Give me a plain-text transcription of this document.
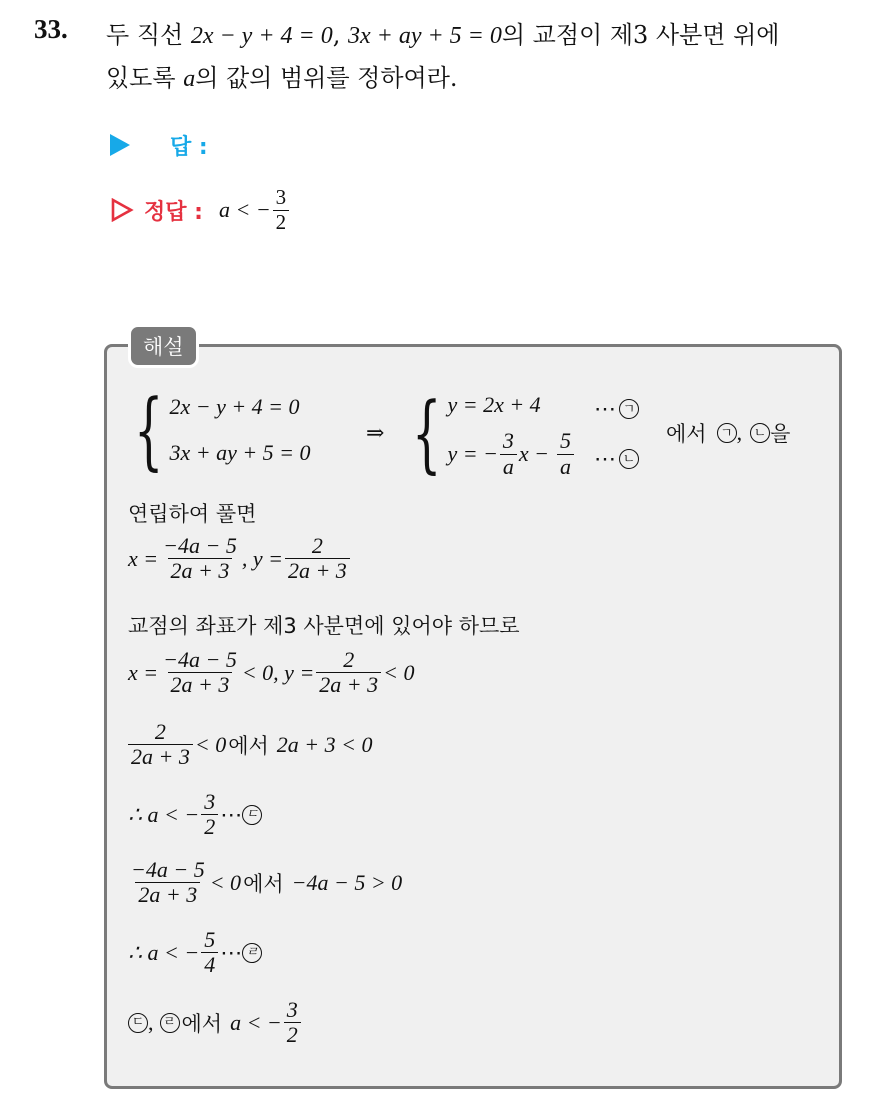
33. 두 직선 2x − y + 4 = 0, 3x + ay + 5 = 0의 교점이 제3 사분면 위에
있도록 a의 값의 범위를 정하여라.
답 :
정답 : a < − $\frac{3}{2}$
해설
{ 2x − y + 4 = 0
3x + ay + 5 = 0
⇒ { y = 2x + 4
y = − $\frac{3}{a}$ $x - \frac{5}{a}$
⋯ ㄱ
⋯ ㄴ
에서 ㄱ , ㄴ 을
연립하여 풀면
$x = \frac{-4a - 5}{2a + 3}$ , $y = \frac{2}{2a + 3}$
교점의 좌표가 제3 사분면에 있어야 하므로
$x = \frac{-4a - 5}{2a + 3} < 0$, $y = \frac{2}{2a + 3} < 0$
$\frac{2}{2a + 3} < 0$ 에서 2a + 3 < 0
∴ a < − $\frac{3}{2}$ ⋯ ㄷ
$\frac{-4a - 5}{2a + 3} < 0$ 에서 −4a − 5 > 0
∴ a < − $\frac{5}{4}$ ⋯ ㄹ
ㄷ , ㄹ 에서 a < − $\frac{3}{2}$
